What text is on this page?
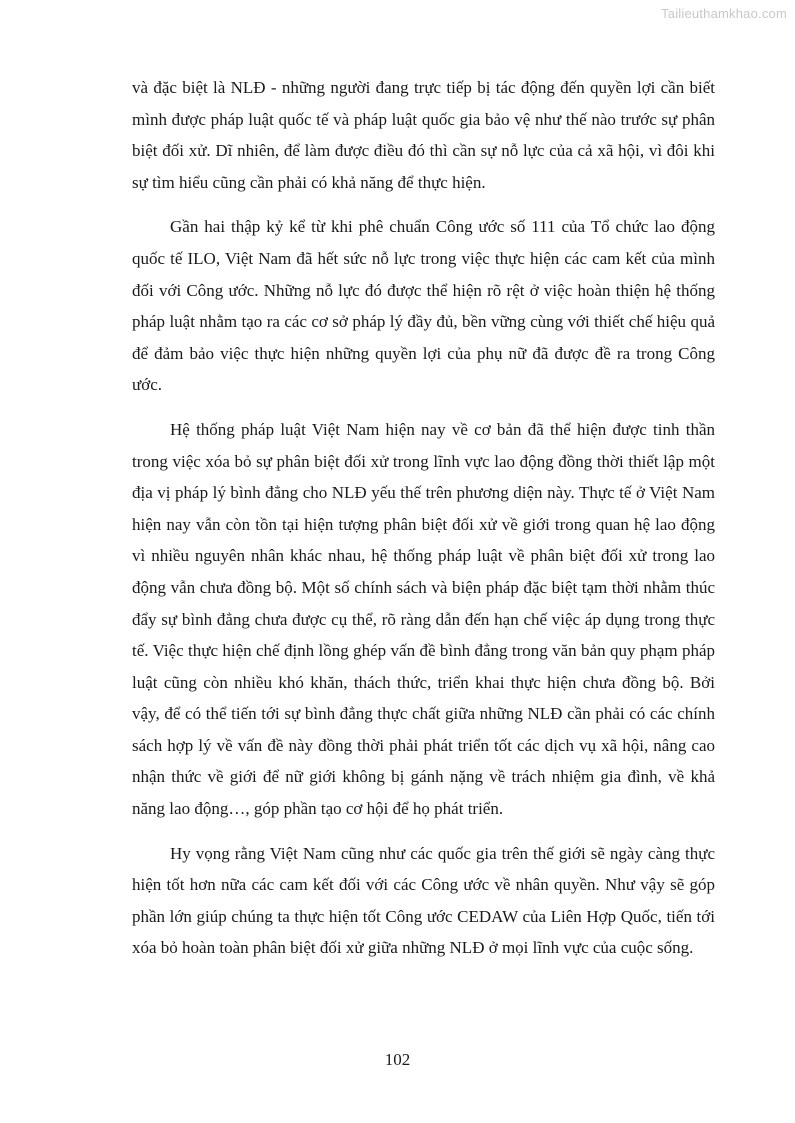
Tailieuthamkhao.com

và đặc biệt là NLĐ - những người đang trực tiếp bị tác động đến quyền lợi cần biết mình được pháp luật quốc tế và pháp luật quốc gia bảo vệ như thế nào trước sự phân biệt đối xử. Dĩ nhiên, để làm được điều đó thì cần sự nỗ lực của cả xã hội, vì đôi khi sự tìm hiểu cũng cần phải có khả năng để thực hiện.

Gần hai thập kỷ kể từ khi phê chuẩn Công ước số 111 của Tổ chức lao động quốc tế ILO, Việt Nam đã hết sức nỗ lực trong việc thực hiện các cam kết của mình đối với Công ước. Những nỗ lực đó được thể hiện rõ rệt ở việc hoàn thiện hệ thống pháp luật nhằm tạo ra các cơ sở pháp lý đầy đủ, bền vững cùng với thiết chế hiệu quả để đảm bảo việc thực hiện những quyền lợi của phụ nữ đã được đề ra trong Công ước.

Hệ thống pháp luật Việt Nam hiện nay về cơ bản đã thể hiện được tinh thần trong việc xóa bỏ sự phân biệt đối xử trong lĩnh vực lao động đồng thời thiết lập một địa vị pháp lý bình đẳng cho NLĐ yếu thế trên phương diện này. Thực tế ở Việt Nam hiện nay vẫn còn tồn tại hiện tượng phân biệt đối xử về giới trong quan hệ lao động vì nhiều nguyên nhân khác nhau, hệ thống pháp luật về phân biệt đối xử trong lao động vẫn chưa đồng bộ. Một số chính sách và biện pháp đặc biệt tạm thời nhằm thúc đẩy sự bình đẳng chưa được cụ thể, rõ ràng dẫn đến hạn chế việc áp dụng trong thực tế. Việc thực hiện chế định lồng ghép vấn đề bình đẳng trong văn bản quy phạm pháp luật cũng còn nhiều khó khăn, thách thức, triển khai thực hiện chưa đồng bộ. Bởi vậy, để có thể tiến tới sự bình đẳng thực chất giữa những NLĐ cần phải có các chính sách hợp lý về vấn đề này đồng thời phải phát triển tốt các dịch vụ xã hội, nâng cao nhận thức về giới để nữ giới không bị gánh nặng về trách nhiệm gia đình, về khả năng lao động…, góp phần tạo cơ hội để họ phát triển.

Hy vọng rằng Việt Nam cũng như các quốc gia trên thế giới sẽ ngày càng thực hiện tốt hơn nữa các cam kết đối với các Công ước về nhân quyền. Như vậy sẽ góp phần lớn giúp chúng ta thực hiện tốt Công ước CEDAW của Liên Hợp Quốc, tiến tới xóa bỏ hoàn toàn phân biệt đối xử giữa những NLĐ ở mọi lĩnh vực của cuộc sống.

102
